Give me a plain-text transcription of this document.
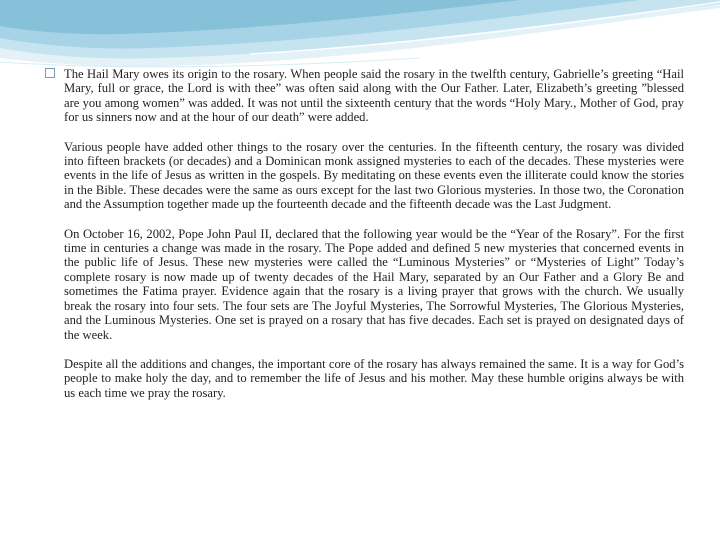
The Hail Mary owes its origin to the rosary. When people said the rosary in the twelfth century, Gabrielle’s greeting “Hail Mary, full or grace, the Lord is with thee” was often said along with the Our Father. Later, Elizabeth’s greeting ”blessed are you among women” was added. It was not until the sixteenth century that the words “Holy Mary., Mother of God, pray for us sinners now and at the hour of our death” were added.

Various people have added other things to the rosary over the centuries. In the fifteenth century, the rosary was divided into fifteen brackets (or decades) and a Dominican monk assigned mysteries to each of the decades. These mysteries were events in the life of Jesus as written in the gospels. By meditating on these events even the illiterate could know the stories in the Bible. These decades were the same as ours except for the last two Glorious mysteries. In those two, the Coronation and the Assumption together made up the fourteenth decade and the fifteenth decade was the Last Judgment.

On October 16, 2002, Pope John Paul II, declared that the following year would be the “Year of the Rosary”. For the first time in centuries a change was made in the rosary. The Pope added and defined 5 new mysteries that concerned events in the public life of Jesus. These new mysteries were called the “Luminous Mysteries” or “Mysteries of Light” Today’s complete rosary is now made up of twenty decades of the Hail Mary, separated by an Our Father and a Glory Be and sometimes the Fatima prayer. Evidence again that the rosary is a living prayer that grows with the church. We usually break the rosary into four sets. The four sets are The Joyful Mysteries, The Sorrowful Mysteries, The Glorious Mysteries, and the Luminous Mysteries. One set is prayed on a rosary that has five decades. Each set is prayed on designated days of the week.

Despite all the additions and changes, the important core of the rosary has always remained the same. It is a way for God’s people to make holy the day, and to remember the life of Jesus and his mother. May these humble origins always be with us each time we pray the rosary.
